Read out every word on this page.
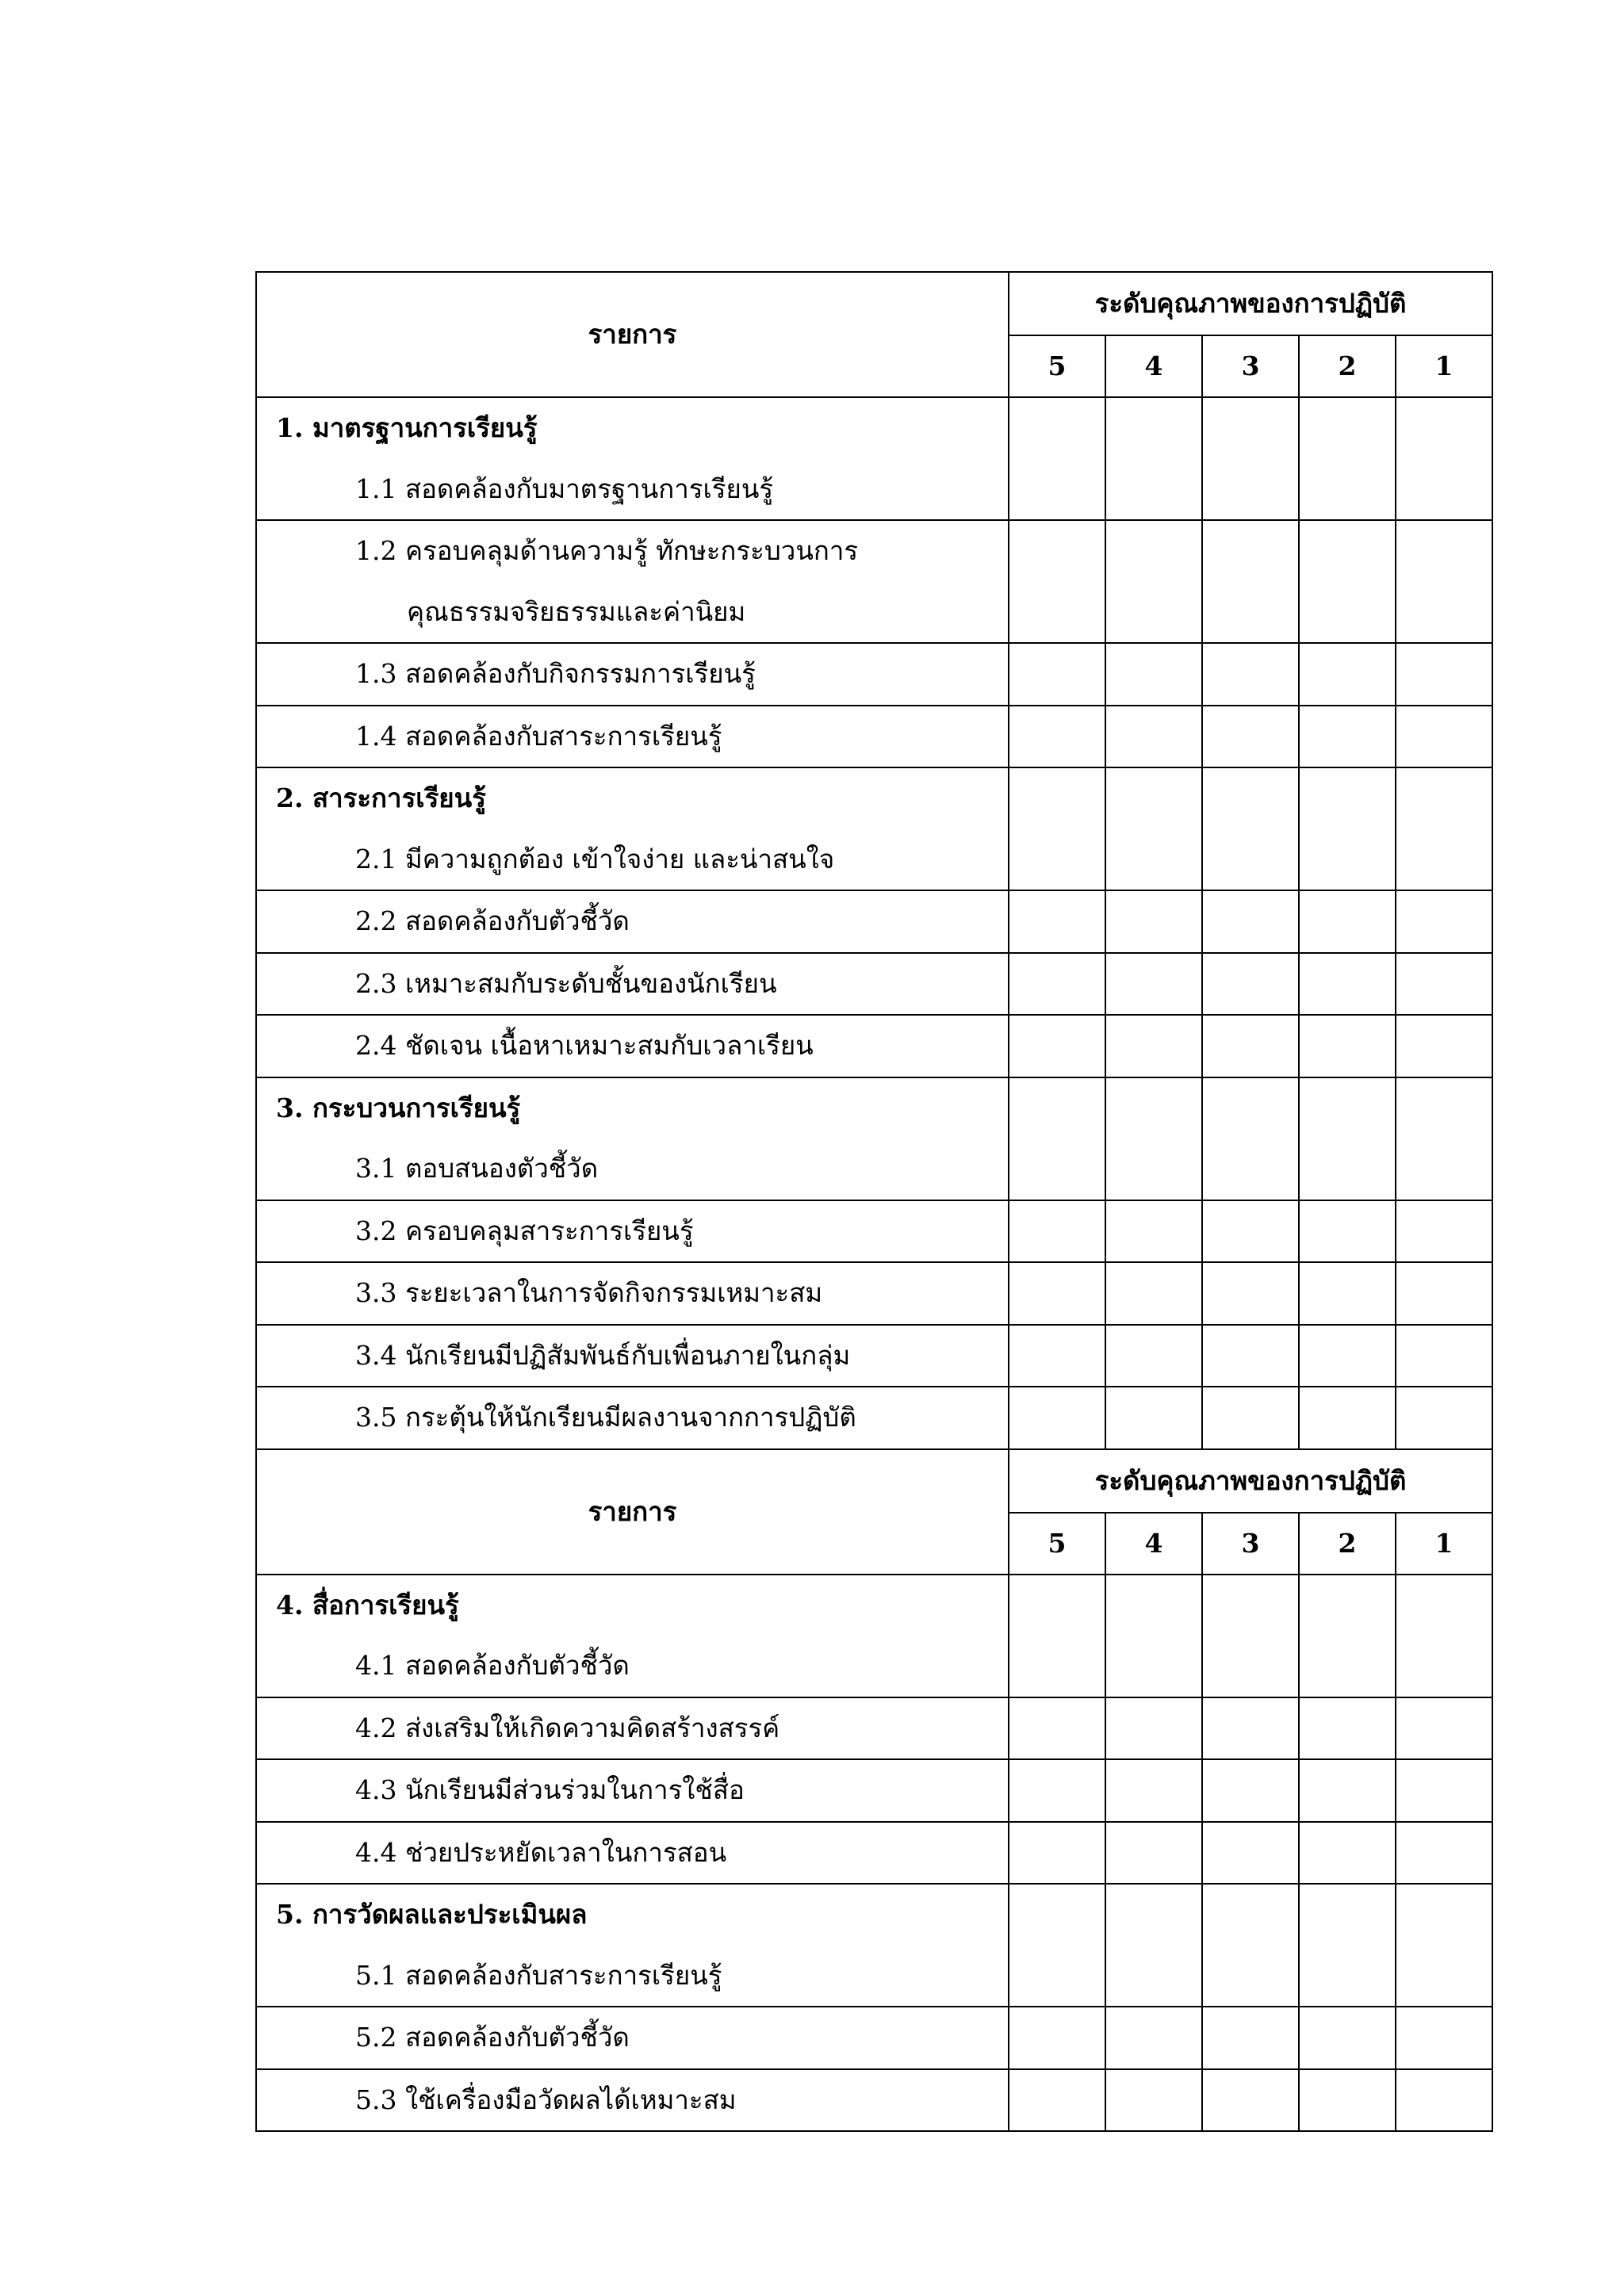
รายการ	ระดับคุณภาพของการปฏิบัติ				
	5	4	3	2	1

1. มาตรฐานการเรียนรู้
1.1 สอดคล้องกับมาตรฐานการเรียนรู้					

1.2 ครอบคลุมด้านความรู้ ทักษะกระบวนการ
คุณธรรมจริยธรรมและค่านิยม					

1.3 สอดคล้องกับกิจกรรมการเรียนรู้					

1.4 สอดคล้องกับสาระการเรียนรู้					

2. สาระการเรียนรู้
2.1 มีความถูกต้อง เข้าใจง่าย และน่าสนใจ					

2.2 สอดคล้องกับตัวชี้วัด					

2.3 เหมาะสมกับระดับชั้นของนักเรียน					

2.4 ชัดเจน เนื้อหาเหมาะสมกับเวลาเรียน					

3. กระบวนการเรียนรู้
3.1 ตอบสนองตัวชี้วัด					

3.2 ครอบคลุมสาระการเรียนรู้					

3.3 ระยะเวลาในการจัดกิจกรรมเหมาะสม					

3.4 นักเรียนมีปฏิสัมพันธ์กับเพื่อนภายในกลุ่ม					

3.5 กระตุ้นให้นักเรียนมีผลงานจากการปฏิบัติ					

รายการ	ระดับคุณภาพของการปฏิบัติ				
	5	4	3	2	1

4. สื่อการเรียนรู้
4.1 สอดคล้องกับตัวชี้วัด					

4.2 ส่งเสริมให้เกิดความคิดสร้างสรรค์					

4.3 นักเรียนมีส่วนร่วมในการใช้สื่อ					

4.4 ช่วยประหยัดเวลาในการสอน					

5. การวัดผลและประเมินผล
5.1 สอดคล้องกับสาระการเรียนรู้					

5.2 สอดคล้องกับตัวชี้วัด					

5.3 ใช้เครื่องมือวัดผลได้เหมาะสม					
